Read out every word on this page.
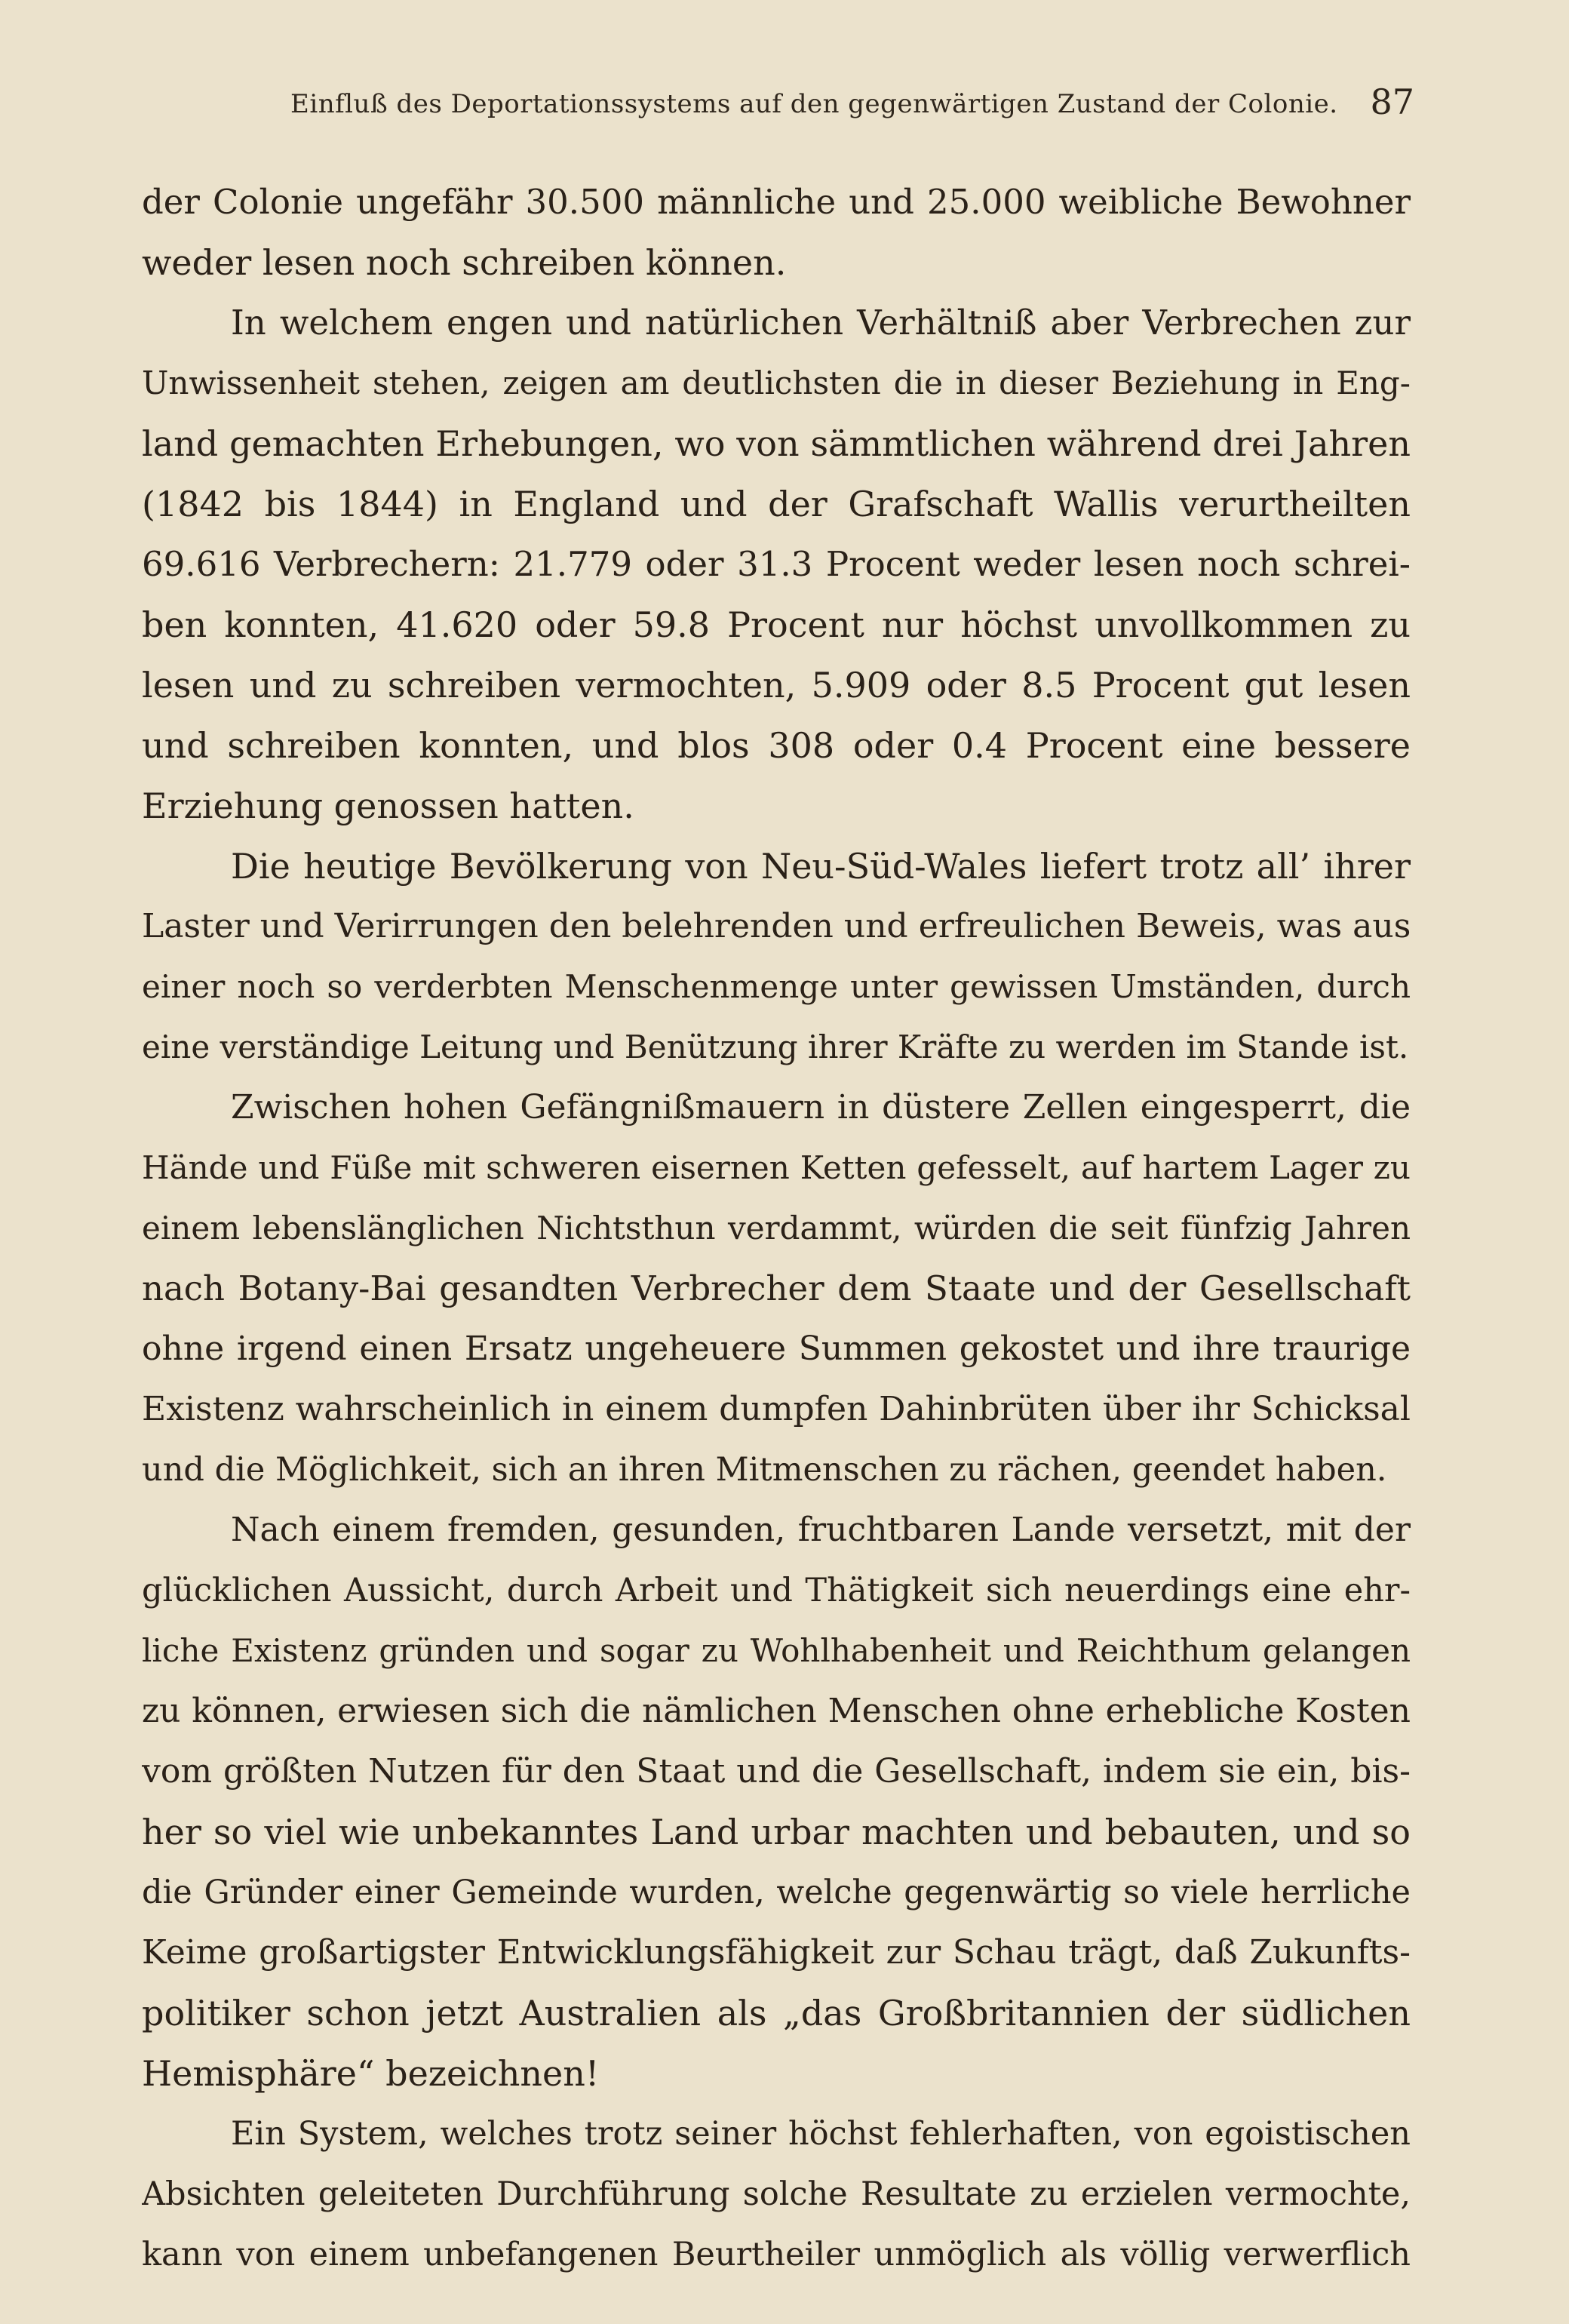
Einfluß des Deportationssystems auf den gegenwärtigen Zustand der Colonie. 87
der Colonie ungefähr 30.500 männliche und 25.000 weibliche Bewohner
weder lesen noch schreiben können.
In welchem engen und natürlichen Verhältniß aber Verbrechen zur
Unwissenheit stehen, zeigen am deutlichsten die in dieser Beziehung in Eng-
land gemachten Erhebungen, wo von sämmtlichen während drei Jahren
(1842 bis 1844) in England und der Grafschaft Wallis verurtheilten
69.616 Verbrechern: 21.779 oder 31.3 Procent weder lesen noch schrei-
ben konnten, 41.620 oder 59.8 Procent nur höchst unvollkommen zu
lesen und zu schreiben vermochten, 5.909 oder 8.5 Procent gut lesen
und schreiben konnten, und blos 308 oder 0.4 Procent eine bessere
Erziehung genossen hatten.
Die heutige Bevölkerung von Neu-Süd-Wales liefert trotz all’ ihrer
Laster und Verirrungen den belehrenden und erfreulichen Beweis, was aus
einer noch so verderbten Menschenmenge unter gewissen Umständen, durch
eine verständige Leitung und Benützung ihrer Kräfte zu werden im Stande ist.
Zwischen hohen Gefängnißmauern in düstere Zellen eingesperrt, die
Hände und Füße mit schweren eisernen Ketten gefesselt, auf hartem Lager zu
einem lebenslänglichen Nichtsthun verdammt, würden die seit fünfzig Jahren
nach Botany-Bai gesandten Verbrecher dem Staate und der Gesellschaft
ohne irgend einen Ersatz ungeheuere Summen gekostet und ihre traurige
Existenz wahrscheinlich in einem dumpfen Dahinbrüten über ihr Schicksal
und die Möglichkeit, sich an ihren Mitmenschen zu rächen, geendet haben.
Nach einem fremden, gesunden, fruchtbaren Lande versetzt, mit der
glücklichen Aussicht, durch Arbeit und Thätigkeit sich neuerdings eine ehr-
liche Existenz gründen und sogar zu Wohlhabenheit und Reichthum gelangen
zu können, erwiesen sich die nämlichen Menschen ohne erhebliche Kosten
vom größten Nutzen für den Staat und die Gesellschaft, indem sie ein, bis-
her so viel wie unbekanntes Land urbar machten und bebauten, und so
die Gründer einer Gemeinde wurden, welche gegenwärtig so viele herrliche
Keime großartigster Entwicklungsfähigkeit zur Schau trägt, daß Zukunfts-
politiker schon jetzt Australien als „das Großbritannien der südlichen
Hemisphäre“ bezeichnen!
Ein System, welches trotz seiner höchst fehlerhaften, von egoistischen
Absichten geleiteten Durchführung solche Resultate zu erzielen vermochte,
kann von einem unbefangenen Beurtheiler unmöglich als völlig verwerflich
